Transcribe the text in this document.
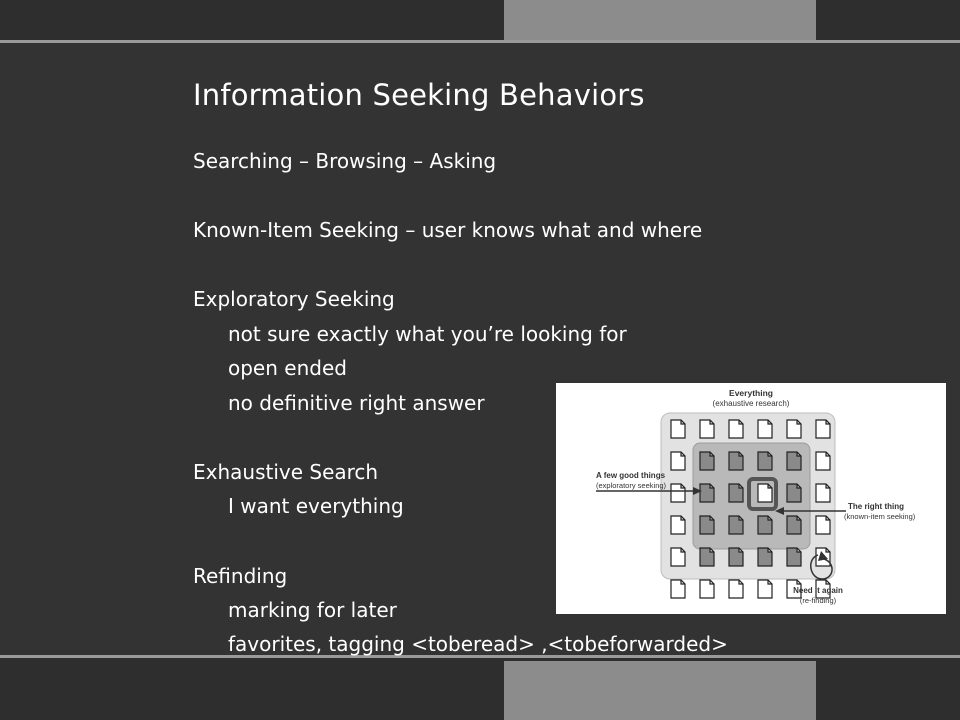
Information Seeking Behaviors

Searching – Browsing – Asking

Known-Item Seeking – user knows what and where

Exploratory Seeking

not sure exactly what you’re looking for

open ended

no definitive right answer

Exhaustive Search

I want everything

Refinding

marking for later

favorites, tagging <toberead> ,<tobeforwarded>

Everything
(exhaustive research)
A few good things
(exploratory seeking)
The right thing
(known-item seeking)
Need it again
(re-finding)
